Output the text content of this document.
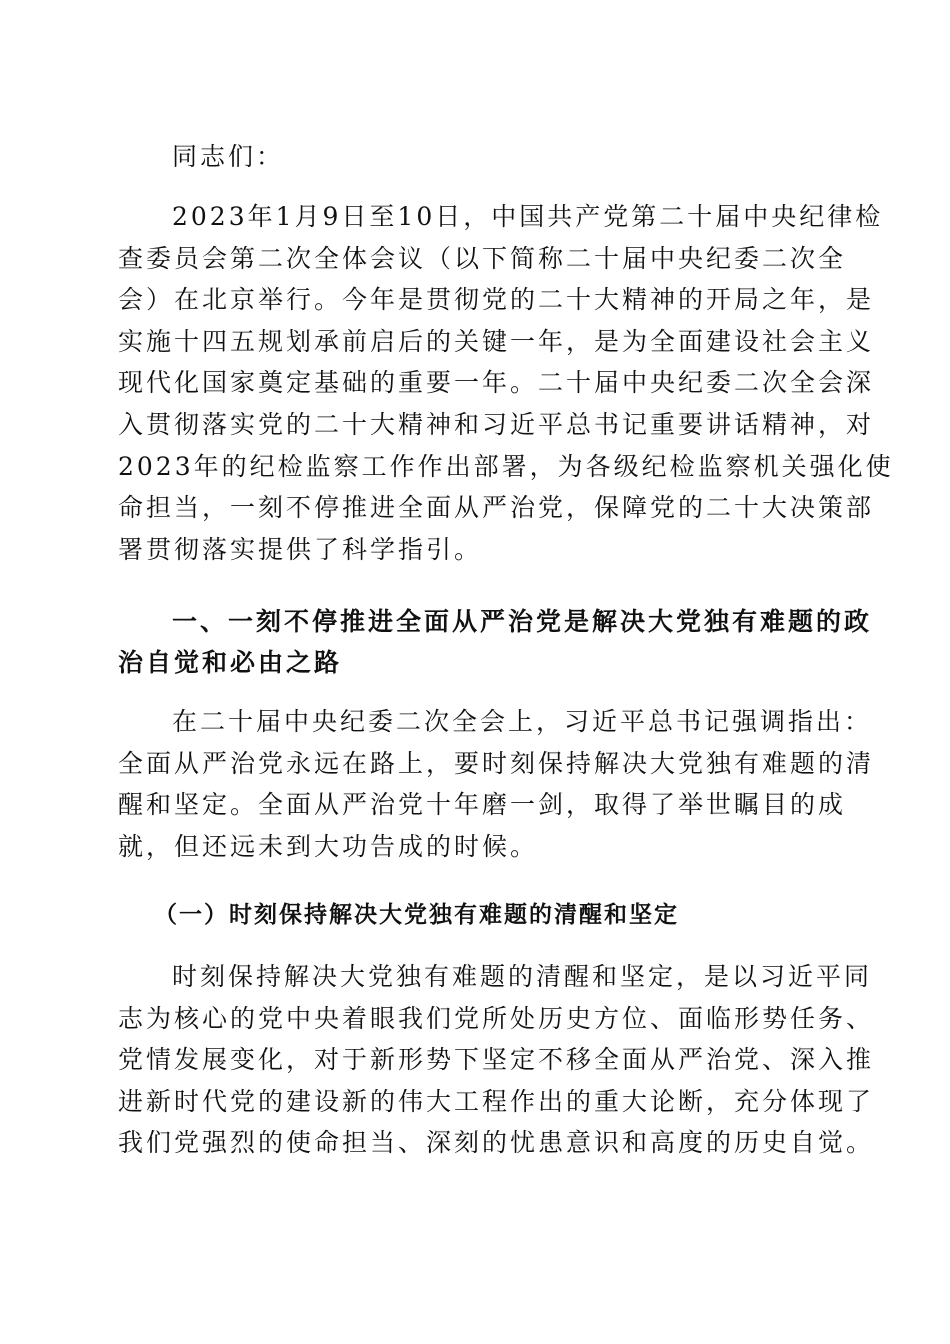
同志们：

2023年1月9日至10日，中国共产党第二十届中央纪律检
查委员会第二次全体会议（以下简称二十届中央纪委二次全
会）在北京举行。今年是贯彻党的二十大精神的开局之年，是
实施十四五规划承前启后的关键一年，是为全面建设社会主义
现代化国家奠定基础的重要一年。二十届中央纪委二次全会深
入贯彻落实党的二十大精神和习近平总书记重要讲话精神，对
2023年的纪检监察工作作出部署，为各级纪检监察机关强化使
命担当，一刻不停推进全面从严治党，保障党的二十大决策部
署贯彻落实提供了科学指引。

一、一刻不停推进全面从严治党是解决大党独有难题的政
治自觉和必由之路

在二十届中央纪委二次全会上，习近平总书记强调指出：
全面从严治党永远在路上，要时刻保持解决大党独有难题的清
醒和坚定。全面从严治党十年磨一剑，取得了举世瞩目的成
就，但还远未到大功告成的时候。

（一）时刻保持解决大党独有难题的清醒和坚定

时刻保持解决大党独有难题的清醒和坚定，是以习近平同
志为核心的党中央着眼我们党所处历史方位、面临形势任务、
党情发展变化，对于新形势下坚定不移全面从严治党、深入推
进新时代党的建设新的伟大工程作出的重大论断，充分体现了
我们党强烈的使命担当、深刻的忧患意识和高度的历史自觉。
